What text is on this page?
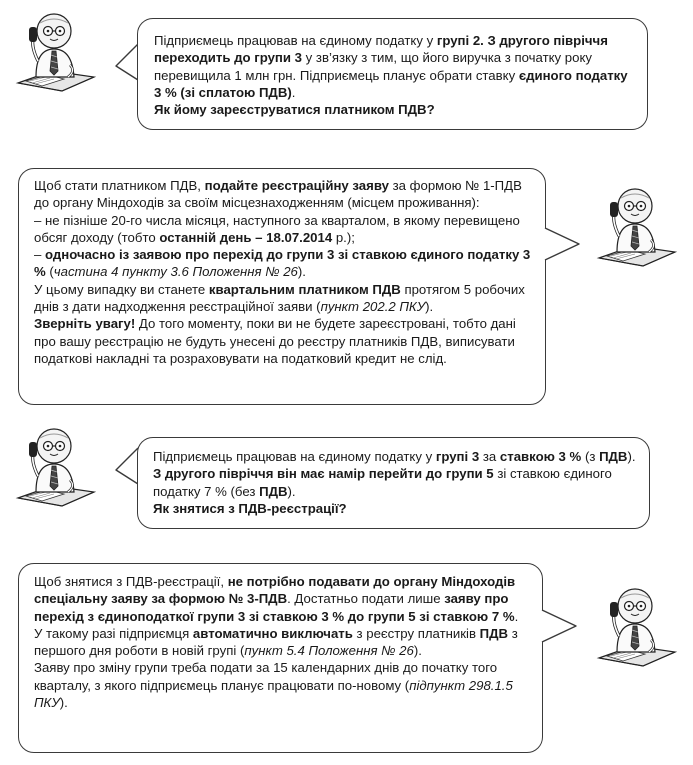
Підприємець працював на єдиному податку у групі 2. З другого півріччя переходить до групи 3 у зв’язку з тим, що його виручка з початку року перевищила 1 млн грн. Підприємець планує обрати ставку єдиного податку 3 % (зі сплатою ПДВ).

Як йому зареєструватися платником ПДВ?

Щоб стати платником ПДВ, подайте реєстраційну заяву за формою № 1-ПДВ до органу Міндоходів за своїм місцезнаходженням (місцем проживання):

– не пізніше 20-го числа місяця, наступного за кварталом, в якому перевищено обсяг доходу (тобто останній день – 18.07.2014 р.);

– одночасно із заявою про перехід до групи 3 зі ставкою єдиного податку 3 % (частина 4 пункту 3.6 Положення № 26).

У цьому випадку ви станете квартальним платником ПДВ протягом 5 робочих днів з дати надходження реєстраційної заяви (пункт 202.2 ПКУ).

Зверніть увагу! До того моменту, поки ви не будете зареєстровані, тобто дані про вашу реєстрацію не будуть унесені до реєстру платників ПДВ, виписувати податкові накладні та розраховувати на податковий кредит не слід.

Підприємець працював на єдиному податку у групі 3 за ставкою 3 % (з ПДВ). З другого півріччя він має намір перейти до групи 5 зі ставкою єдиного податку 7 % (без ПДВ).

Як знятися з ПДВ-реєстрації?

Щоб знятися з ПДВ-реєстрації, не потрібно подавати до органу Міндоходів спеціальну заяву за формою № 3-ПДВ. Достатньо подати лише заяву про перехід з єдиноподаткої групи 3 зі ставкою 3 % до групи 5 зі ставкою 7 %.

У такому разі підприємця автоматично виключать з реєстру платників ПДВ з першого дня роботи в новій групі (пункт 5.4 Положення № 26).

Заяву про зміну групи треба подати за 15 календарних днів до початку того кварталу, з якого підприємець планує працювати по-новому (підпункт 298.1.5 ПКУ).
